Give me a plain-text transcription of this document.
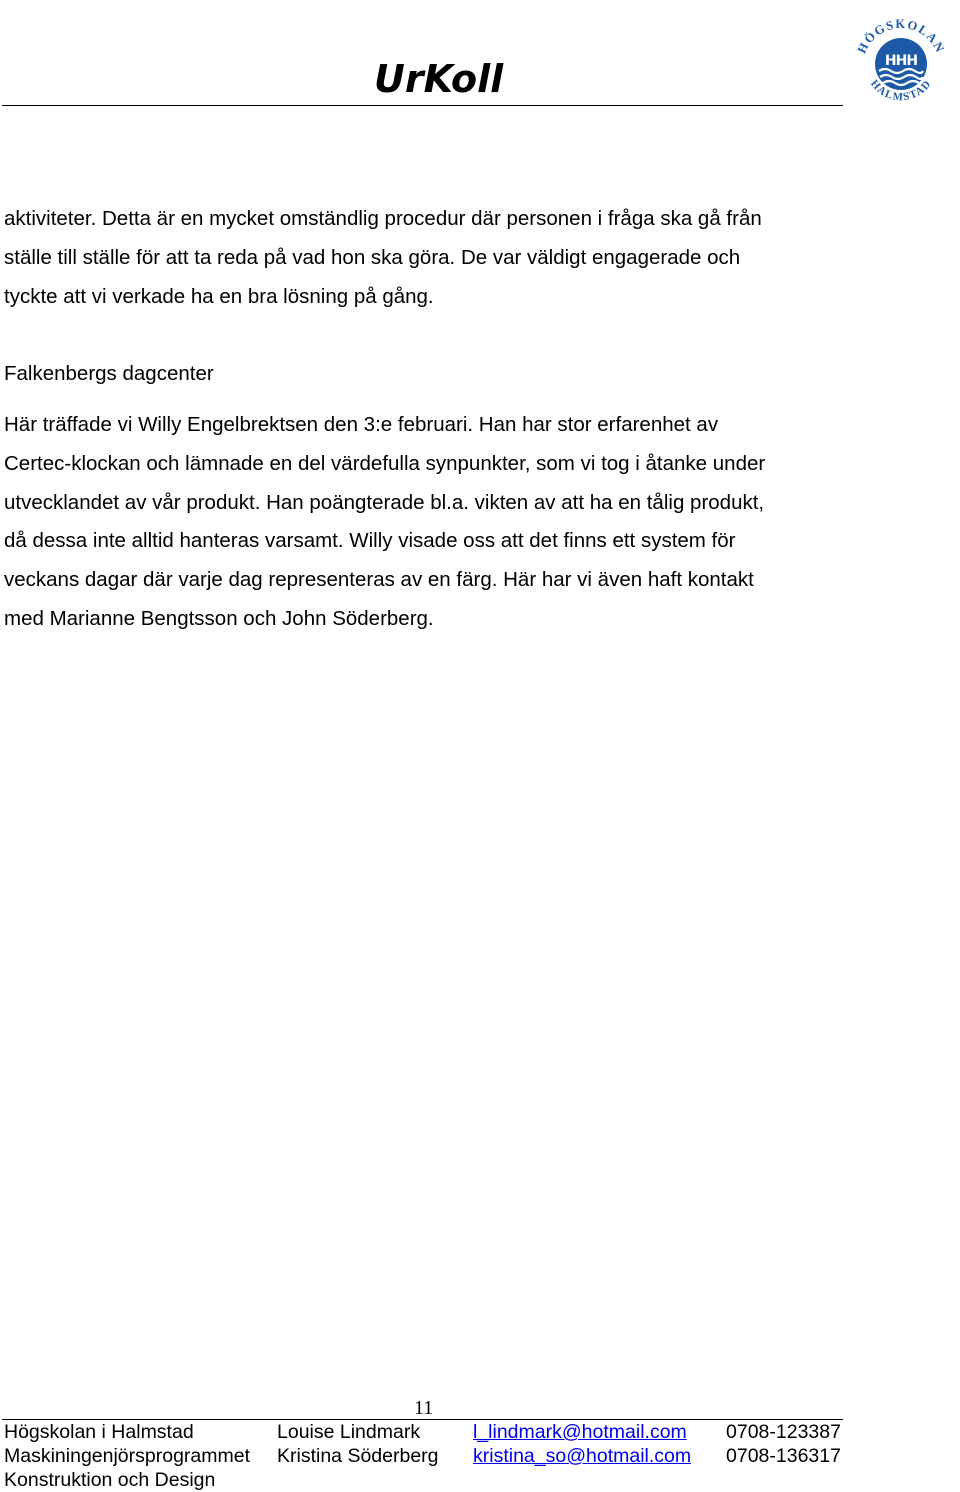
UrKoll
HÖGSKOLAN
HALMSTAD
HHH

aktiviteter. Detta är en mycket omständlig procedur där personen i fråga ska gå från

ställe till ställe för att ta reda på vad hon ska göra. De var väldigt engagerade och

tyckte att vi verkade ha en bra lösning på gång.

Falkenbergs dagcenter

Här träffade vi Willy Engelbrektsen den 3:e februari. Han har stor erfarenhet av

Certec-klockan och lämnade en del värdefulla synpunkter, som vi tog i åtanke under

utvecklandet av vår produkt. Han poängterade bl.a. vikten av att ha en tålig produkt,

då dessa inte alltid hanteras varsamt. Willy visade oss att det finns ett system för

veckans dagar där varje dag representeras av en färg. Här har vi även haft kontakt

med Marianne Bengtsson och John Söderberg.

11
Högskolan i Halmstad	Louise Lindmark	l_lindmark@hotmail.com 0708-123387
Maskiningenjörsprogrammet Kristina Söderberg kristina_so@hotmail.com 0708-136317
Konstruktion och Design
